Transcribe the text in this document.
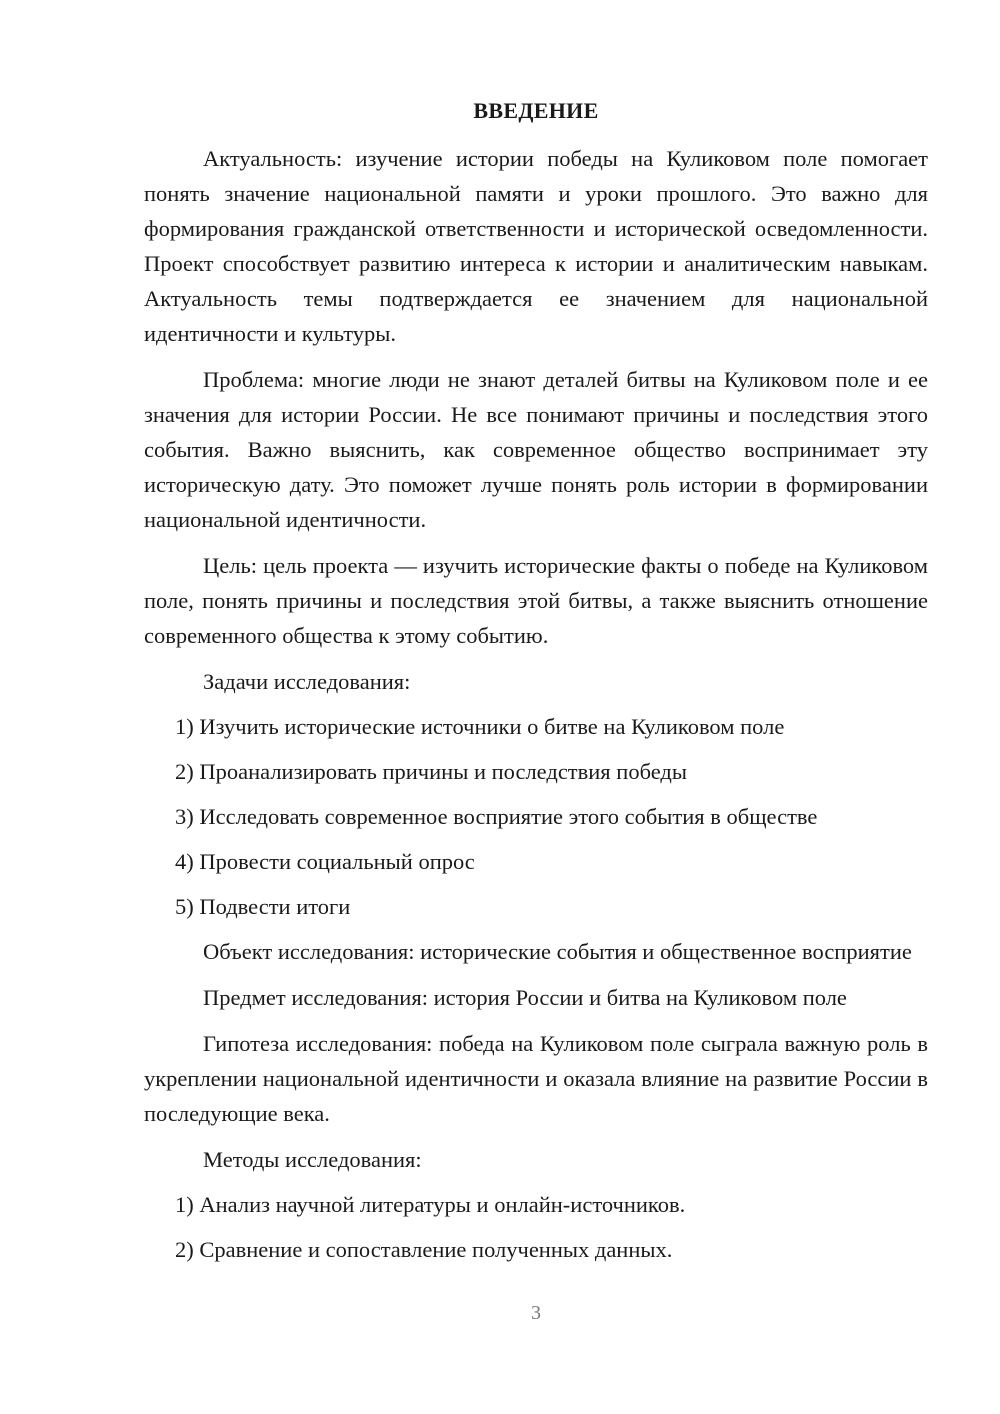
ВВЕДЕНИЕ

Актуальность: изучение истории победы на Куликовом поле помогает понять значение национальной памяти и уроки прошлого. Это важно для формирования гражданской ответственности и исторической осведомленности. Проект способствует развитию интереса к истории и аналитическим навыкам. Актуальность темы подтверждается ее значением для национальной идентичности и культуры.

Проблема: многие люди не знают деталей битвы на Куликовом поле и ее значения для истории России. Не все понимают причины и последствия этого события. Важно выяснить, как современное общество воспринимает эту историческую дату. Это поможет лучше понять роль истории в формировании национальной идентичности.

Цель: цель проекта — изучить исторические факты о победе на Куликовом поле, понять причины и последствия этой битвы, а также выяснить отношение современного общества к этому событию.

Задачи исследования:

1) Изучить исторические источники о битве на Куликовом поле

2) Проанализировать причины и последствия победы

3) Исследовать современное восприятие этого события в обществе

4) Провести социальный опрос

5) Подвести итоги

Объект исследования: исторические события и общественное восприятие

Предмет исследования: история России и битва на Куликовом поле

Гипотеза исследования: победа на Куликовом поле сыграла важную роль в укреплении национальной идентичности и оказала влияние на развитие России в последующие века.

Методы исследования:

1) Анализ научной литературы и онлайн-источников.

2) Сравнение и сопоставление полученных данных.

3
